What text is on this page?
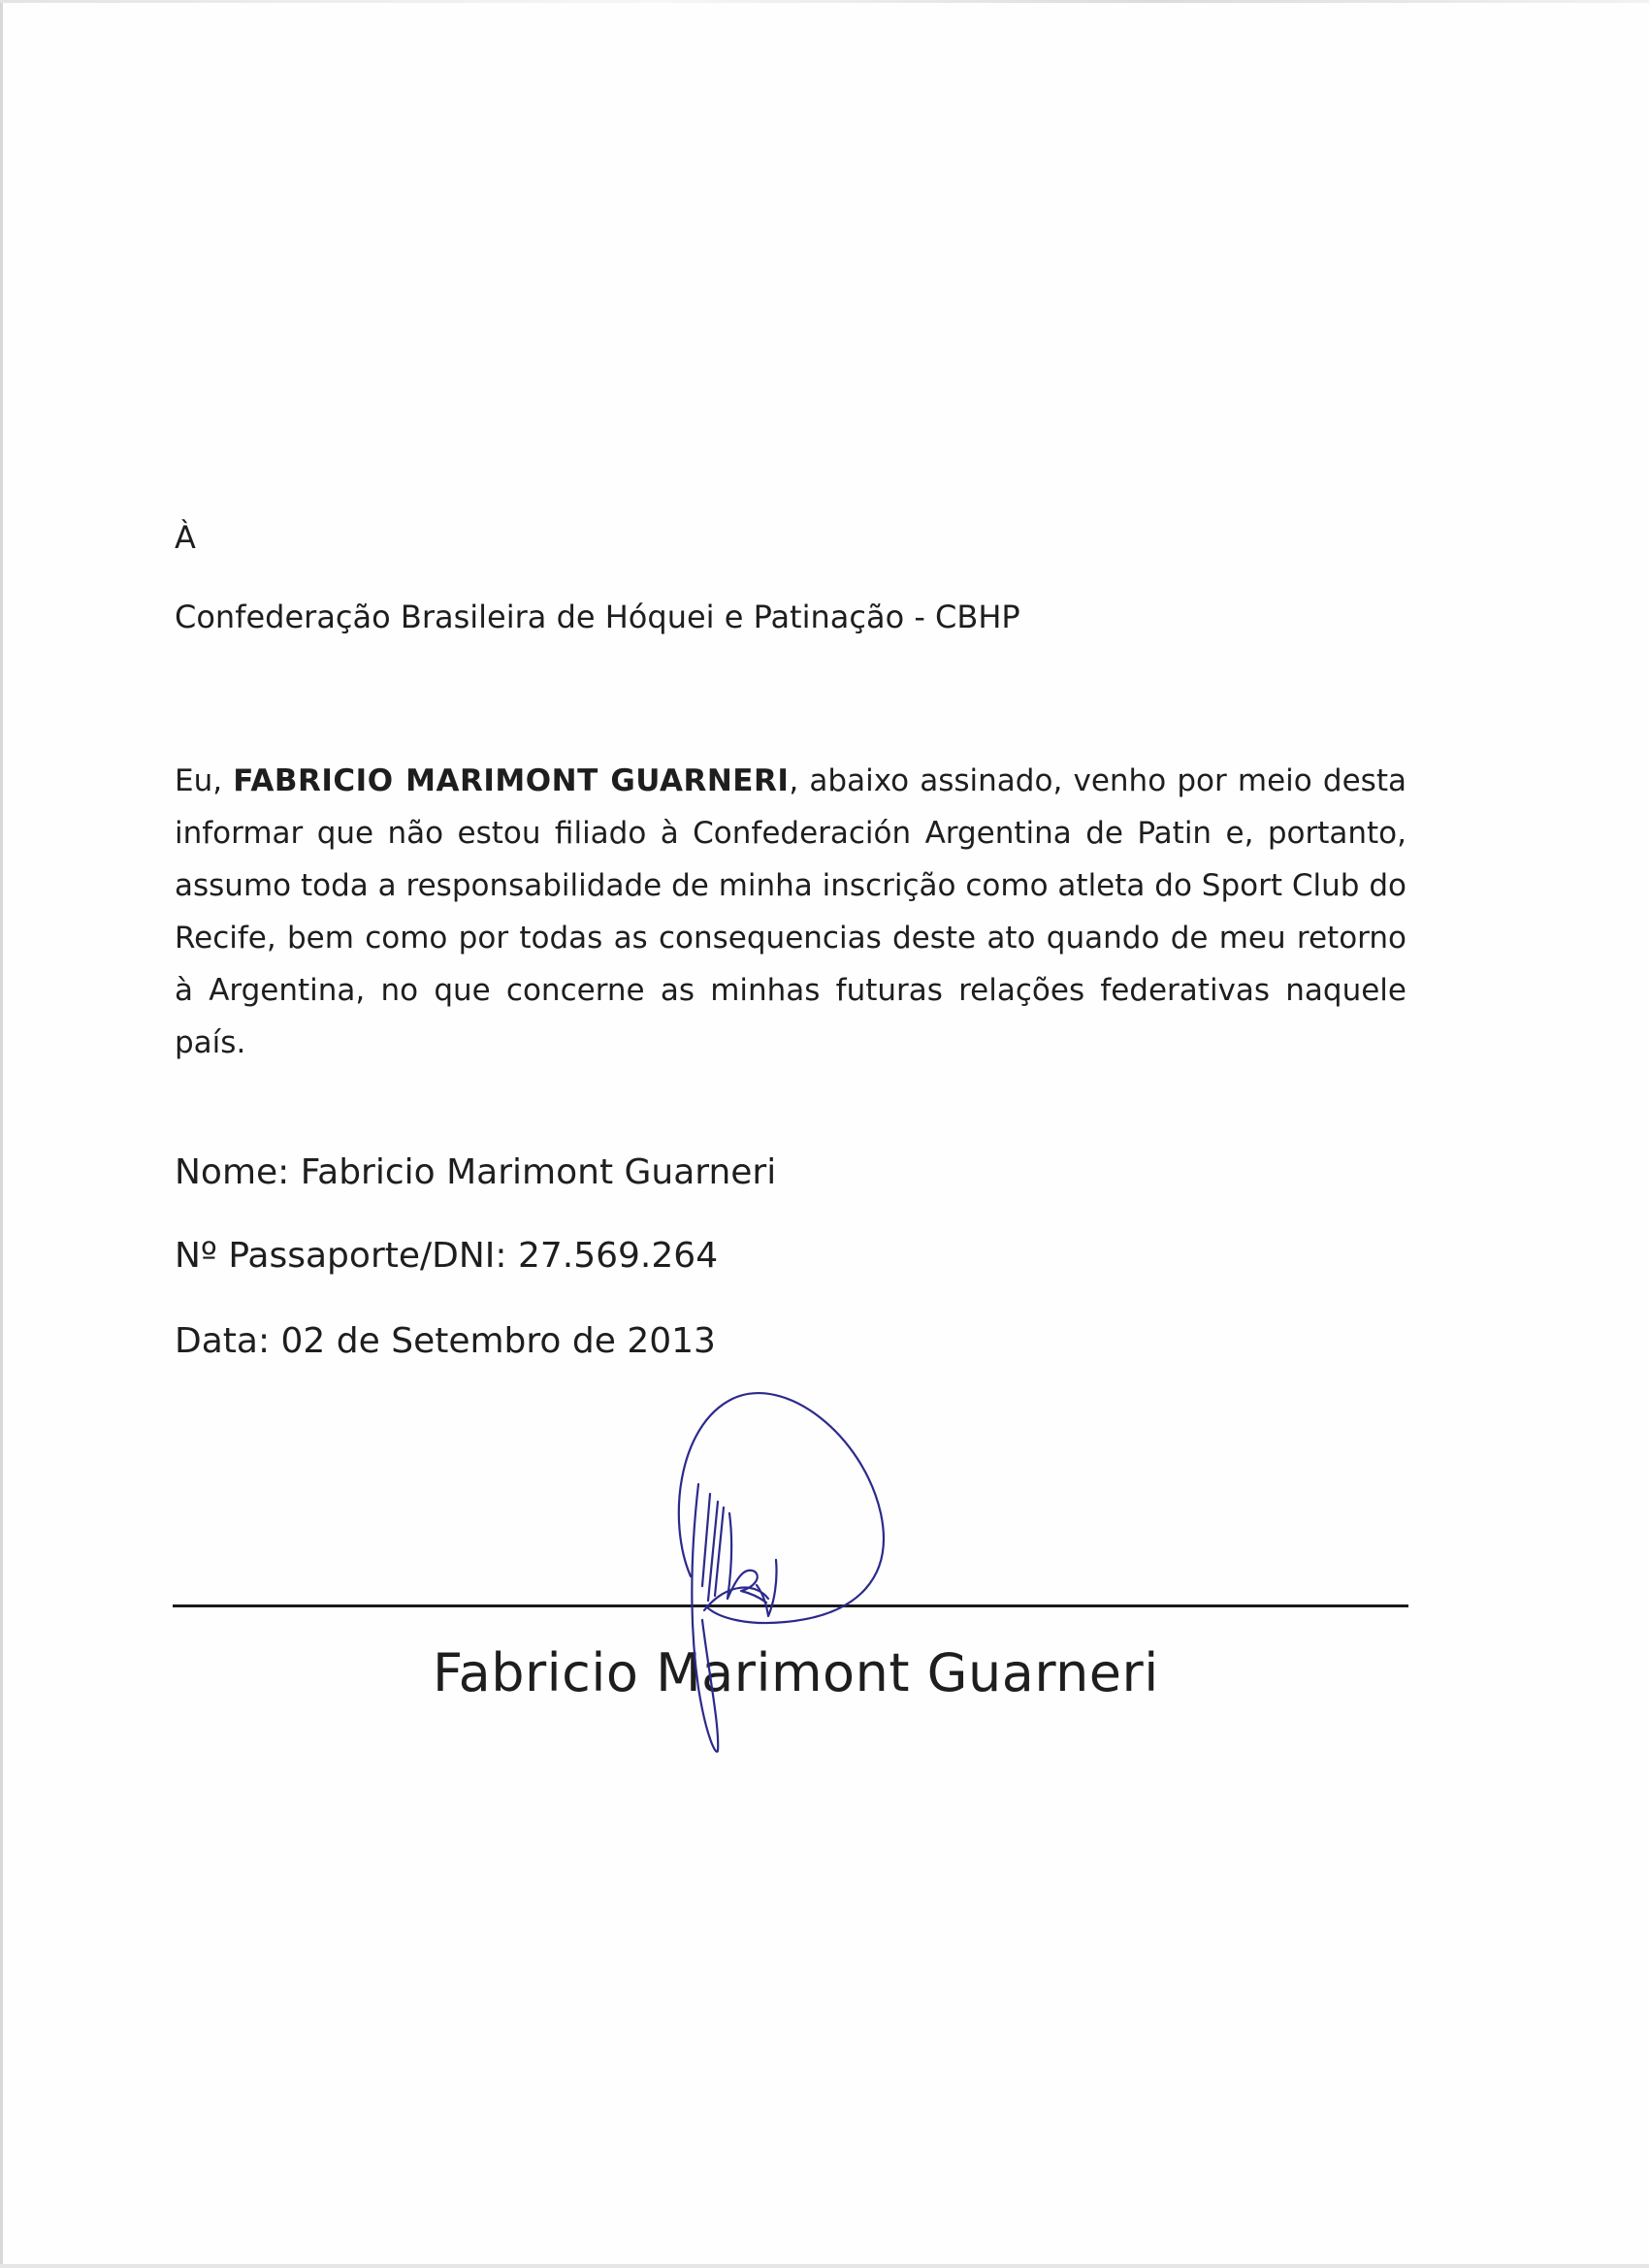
À

Confederação Brasileira de Hóquei e Patinação - CBHP

Eu, FABRICIO MARIMONT GUARNERI, abaixo assinado, venho por meio desta informar que não estou filiado à Confederación Argentina de Patin e, portanto, assumo toda a responsabilidade de minha inscrição como atleta do Sport Club do Recife, bem como por todas as consequencias deste ato quando de meu retorno à Argentina, no que concerne as minhas futuras relações federativas naquele país.

Nome: Fabricio Marimont Guarneri

Nº Passaporte/DNI: 27.569.264

Data: 02 de Setembro de 2013

Fabricio Marimont Guarneri
